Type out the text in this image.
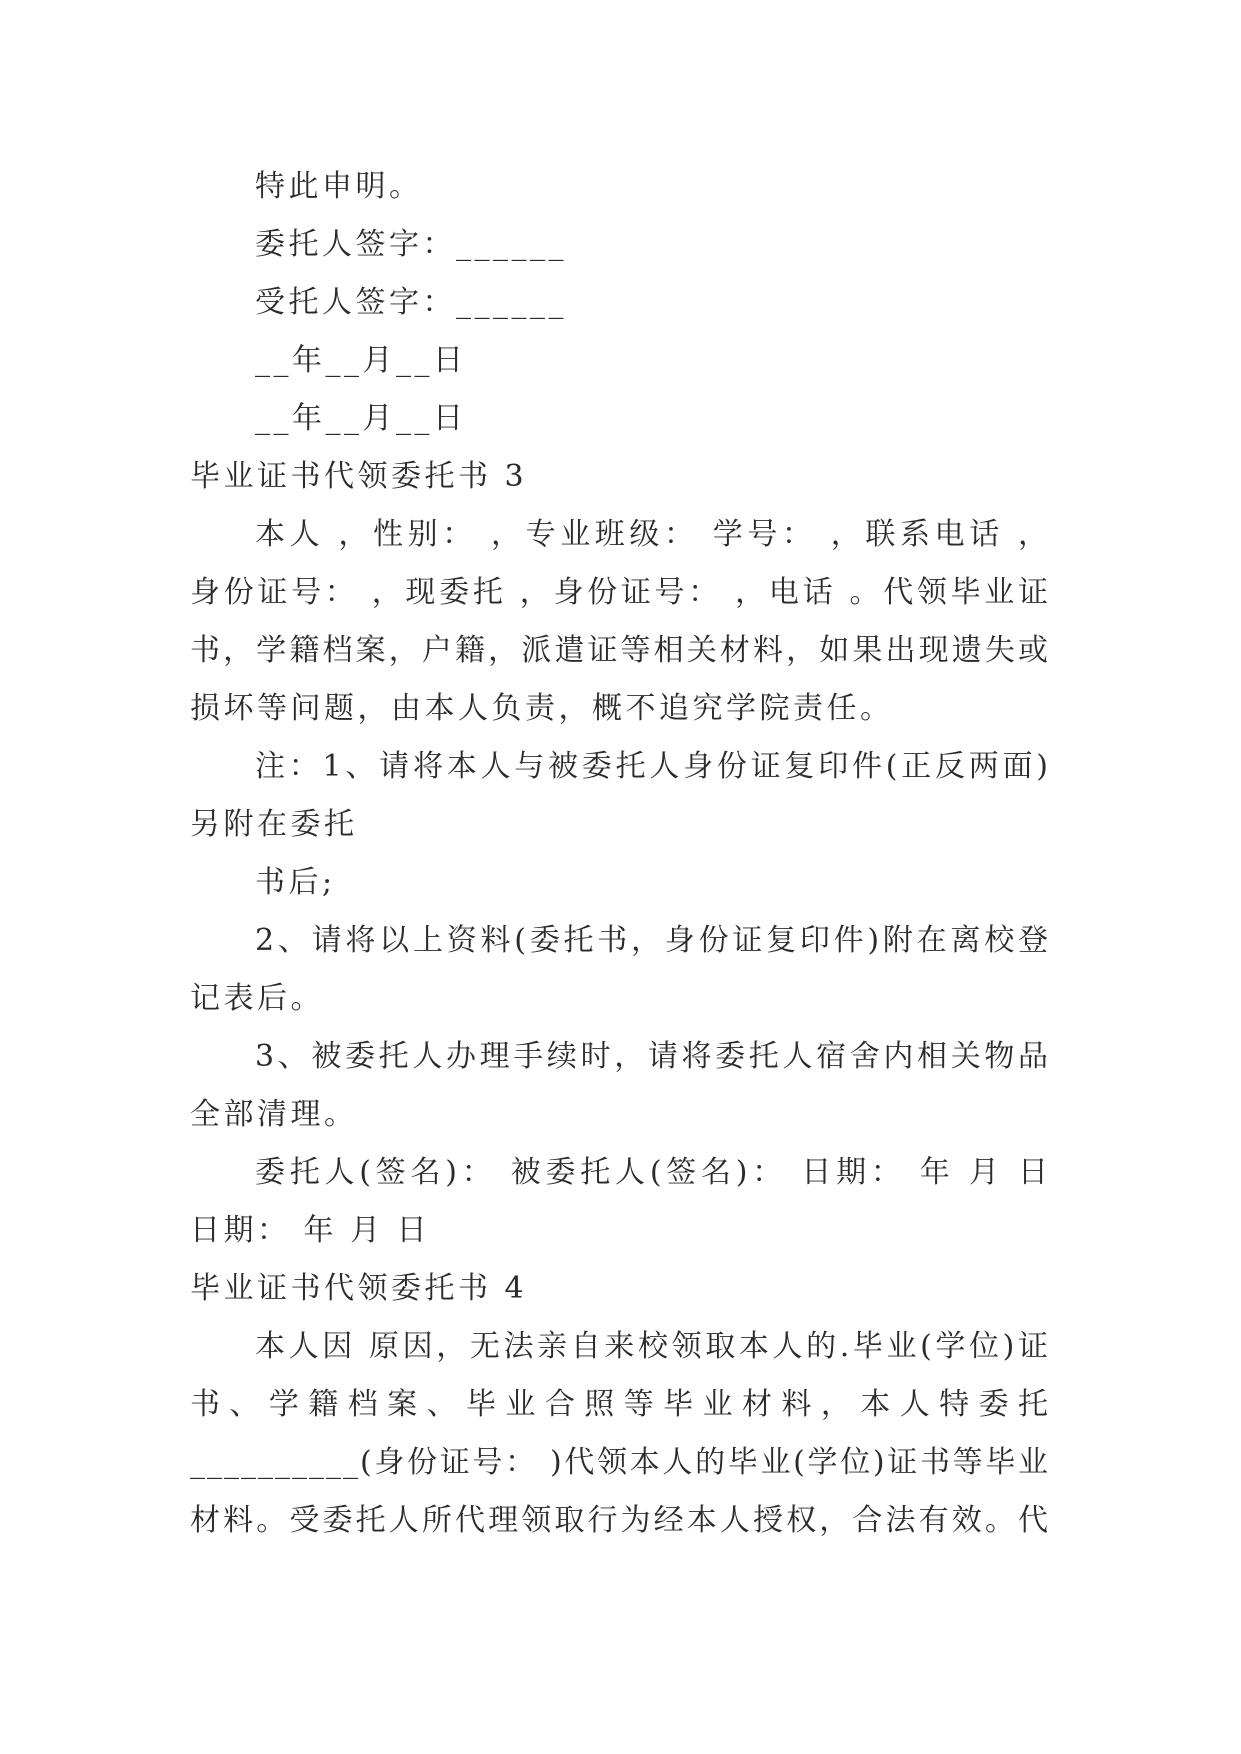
特此申明。
委托人签字：______
受托人签字：______
__年__月__日
__年__月__日
毕业证书代领委托书 3
本人 ，性别： ，专业班级： 学号： ，联系电话 ，
身份证号： ，现委托 ，身份证号： ，电话 。代领毕业证
书，学籍档案，户籍，派遣证等相关材料，如果出现遗失或
损坏等问题，由本人负责，概不追究学院责任。
注：1、请将本人与被委托人身份证复印件(正反两面)
另附在委托
书后;
2、请将以上资料(委托书，身份证复印件)附在离校登
记表后。
3、被委托人办理手续时，请将委托人宿舍内相关物品
全部清理。
委托人(签名)： 被委托人(签名)： 日期： 年 月 日
日期： 年 月 日
毕业证书代领委托书 4
本人因 原因，无法亲自来校领取本人的.毕业(学位)证
书、学籍档案、毕业合照等毕业材料，本人特委托
__________(身份证号： )代领本人的毕业(学位)证书等毕业
材料。受委托人所代理领取行为经本人授权，合法有效。代
